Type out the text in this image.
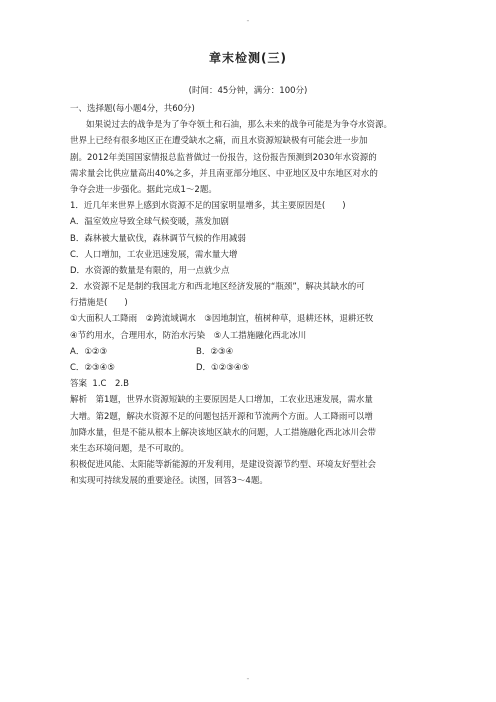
-
章末检测(三)
(时间：45分钟，满分：100分)
一、选择题(每小题4分，共60分)
如果说过去的战争是为了争夺领土和石油，那么未来的战争可能是为争夺水资源。
世界上已经有很多地区正在遭受缺水之痛，而且水资源短缺极有可能会进一步加
剧。2012年美国国家情报总监普做过一份报告，这份报告预测到2030年水资源的
需求量会比供应量高出40%之多，并且南亚部分地区、中亚地区及中东地区对水的
争夺会进一步强化。据此完成1～2题。
1．近几年来世界上感到水资源不足的国家明显增多，其主要原因是(　　)
A．温室效应导致全球气候变暖，蒸发加剧
B．森林被大量砍伐，森林调节气候的作用减弱
C．人口增加，工农业迅速发展，需水量大增
D．水资源的数量是有限的，用一点就少点
2．水资源不足是制约我国北方和西北地区经济发展的“瓶颈”，解决其缺水的可
行措施是(　　)
①大面积人工降雨　②跨流域调水　③因地制宜，植树种草，退耕还林，退耕还牧
④节约用水，合理用水，防治水污染　⑤人工措施融化西北冰川
A．①②③	B．②③④
C．②③④⑤	D．①②③④⑤
答案 1.C　2.B
解析　第1题，世界水资源短缺的主要原因是人口增加，工农业迅速发展，需水量
大增。第2题，解决水资源不足的问题包括开源和节流两个方面。人工降雨可以增
加降水量，但是不能从根本上解决该地区缺水的问题，人工措施融化西北冰川会带
来生态环境问题，是不可取的。
积极促进风能、太阳能等新能源的开发利用，是建设资源节约型、环境友好型社会
和实现可持续发展的重要途径。读图，回答3～4题。
-
